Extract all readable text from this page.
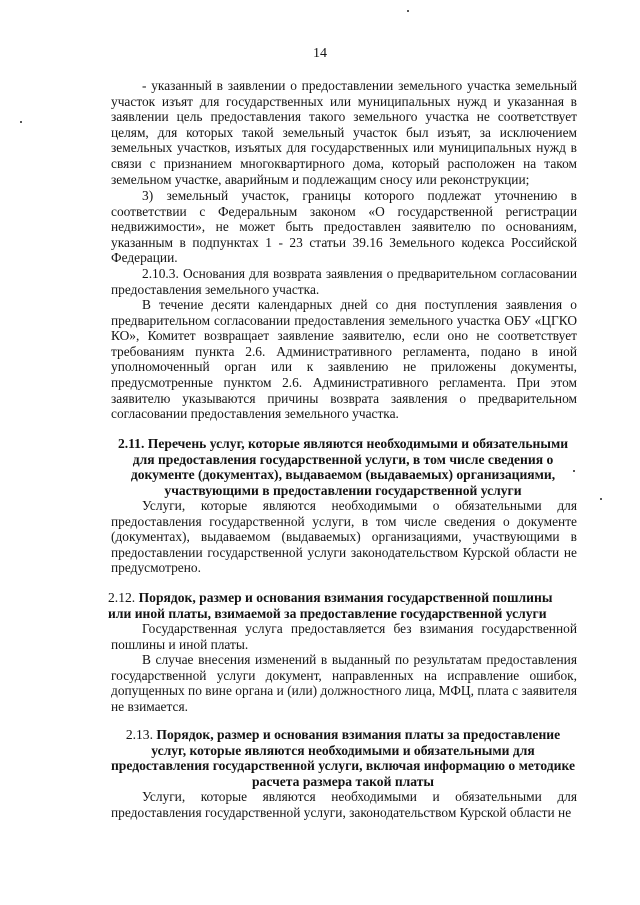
14

- указанный в заявлении о предоставлении земельного участка земельный участок изъят для государственных или муниципальных нужд и указанная в заявлении цель предоставления такого земельного участка не соответствует целям, для которых такой земельный участок был изъят, за исключением земельных участков, изъятых для государственных или муниципальных нужд в связи с признанием многоквартирного дома, который расположен на таком земельном участке, аварийным и подлежащим сносу или реконструкции;

3) земельный участок, границы которого подлежат уточнению в соответствии с Федеральным законом «О государственной регистрации недвижимости», не может быть предоставлен заявителю по основаниям, указанным в подпунктах 1 - 23 статьи 39.16 Земельного кодекса Российской Федерации.

2.10.3. Основания для возврата заявления о предварительном согласовании предоставления земельного участка.

В течение десяти календарных дней со дня поступления заявления о предварительном согласовании предоставления земельного участка ОБУ «ЦГКО КО», Комитет возвращает заявление заявителю, если оно не соответствует требованиям пункта 2.6. Административного регламента, подано в иной уполномоченный орган или к заявлению не приложены документы, предусмотренные пунктом 2.6. Административного регламента. При этом заявителю указываются причины возврата заявления о предварительном согласовании предоставления земельного участка.

2.11. Перечень услуг, которые являются необходимыми и обязательными для предоставления государственной услуги, в том числе сведения о документе (документах), выдаваемом (выдаваемых) организациями, участвующими в предоставлении государственной услуги

Услуги, которые являются необходимыми о обязательными для предоставления государственной услуги, в том числе сведения о документе (документах), выдаваемом (выдаваемых) организациями, участвующими в предоставлении государственной услуги законодательством Курской области не предусмотрено.

2.12. Порядок, размер и основания взимания государственной пошлины или иной платы, взимаемой за предоставление государственной услуги

Государственная услуга предоставляется без взимания государственной пошлины и иной платы.

В случае внесения изменений в выданный по результатам предоставления государственной услуги документ, направленных на исправление ошибок, допущенных по вине органа и (или) должностного лица, МФЦ, плата с заявителя не взимается.

2.13. Порядок, размер и основания взимания платы за предоставление услуг, которые являются необходимыми и обязательными для предоставления государственной услуги, включая информацию о методике расчета размера такой платы

Услуги, которые являются необходимыми и обязательными для предоставления государственной услуги, законодательством Курской области не
